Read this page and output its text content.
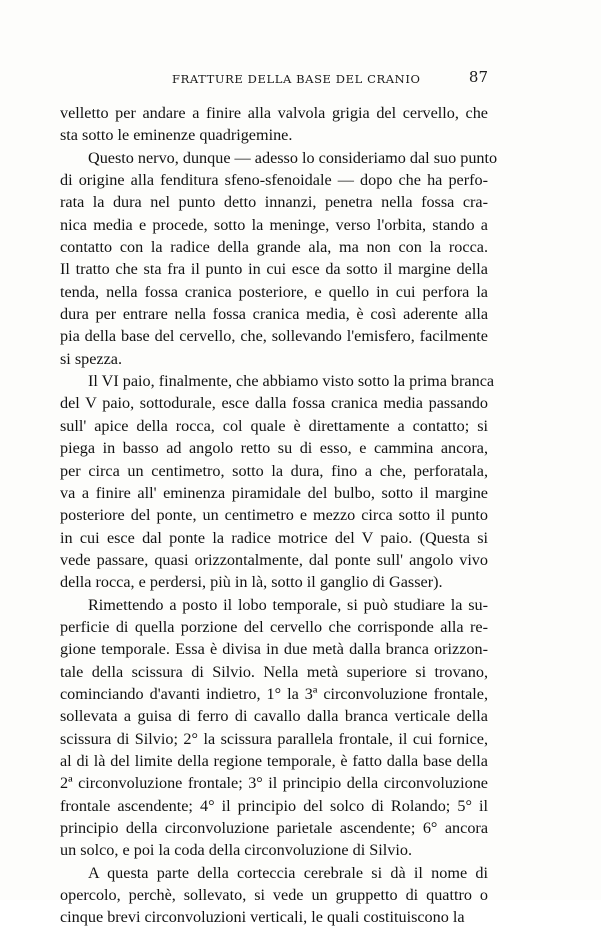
FRATTURE DELLA BASE DEL CRANIO	87
velletto per andare a finire alla valvola grigia del cervello, che
sta sotto le eminenze quadrigemine.
Questo nervo, dunque — adesso lo consideriamo dal suo punto
di origine alla fenditura sfeno-sfenoidale — dopo che ha perfo-
rata la dura nel punto detto innanzi, penetra nella fossa cra-
nica media e procede, sotto la meninge, verso l'orbita, stando a
contatto con la radice della grande ala, ma non con la rocca.
Il tratto che sta fra il punto in cui esce da sotto il margine della
tenda, nella fossa cranica posteriore, e quello in cui perfora la
dura per entrare nella fossa cranica media, è così aderente alla
pia della base del cervello, che, sollevando l'emisfero, facilmente
si spezza.
Il VI paio, finalmente, che abbiamo visto sotto la prima branca
del V paio, sottodurale, esce dalla fossa cranica media passando
sull' apice della rocca, col quale è direttamente a contatto; si
piega in basso ad angolo retto su di esso, e cammina ancora,
per circa un centimetro, sotto la dura, fino a che, perforatala,
va a finire all' eminenza piramidale del bulbo, sotto il margine
posteriore del ponte, un centimetro e mezzo circa sotto il punto
in cui esce dal ponte la radice motrice del V paio. (Questa si
vede passare, quasi orizzontalmente, dal ponte sull' angolo vivo
della rocca, e perdersi, più in là, sotto il ganglio di Gasser).
Rimettendo a posto il lobo temporale, si può studiare la su-
perficie di quella porzione del cervello che corrisponde alla re-
gione temporale. Essa è divisa in due metà dalla branca orizzon-
tale della scissura di Silvio. Nella metà superiore si trovano,
cominciando d'avanti indietro, 1° la 3ª circonvoluzione frontale,
sollevata a guisa di ferro di cavallo dalla branca verticale della
scissura di Silvio; 2° la scissura parallela frontale, il cui fornice,
al di là del limite della regione temporale, è fatto dalla base della
2ª circonvoluzione frontale; 3° il principio della circonvoluzione
frontale ascendente; 4° il principio del solco di Rolando; 5° il
principio della circonvoluzione parietale ascendente; 6° ancora
un solco, e poi la coda della circonvoluzione di Silvio.
A questa parte della corteccia cerebrale si dà il nome di
opercolo, perchè, sollevato, si vede un gruppetto di quattro o
cinque brevi circonvoluzioni verticali, le quali costituiscono la
